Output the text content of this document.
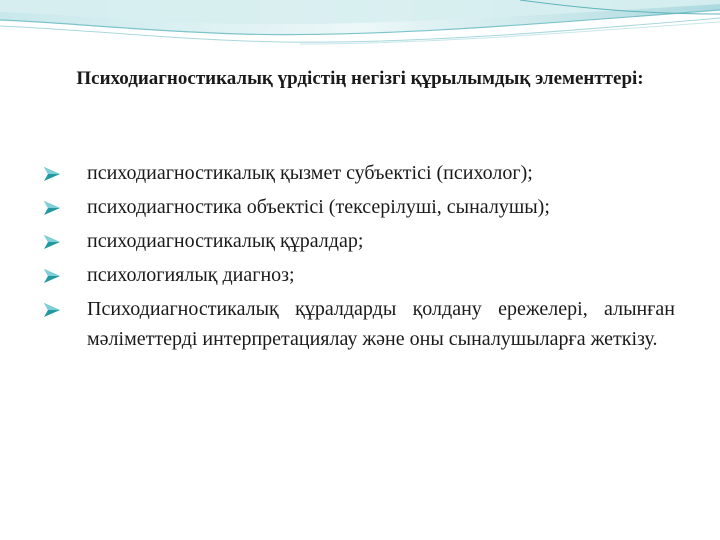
Психодиагностикалық үрдістің негізгі құрылымдық элементтері:
психодиагностикалық қызмет субъектісі (психолог);
психодиагностика объектісі (тексерілуші, сыналушы);
психодиагностикалық құралдар;
психологиялық диагноз;
Психодиагностикалық құралдарды қолдану ережелері, алынған мәліметтерді интерпретациялау және оны сыналушыларға жеткізу.
